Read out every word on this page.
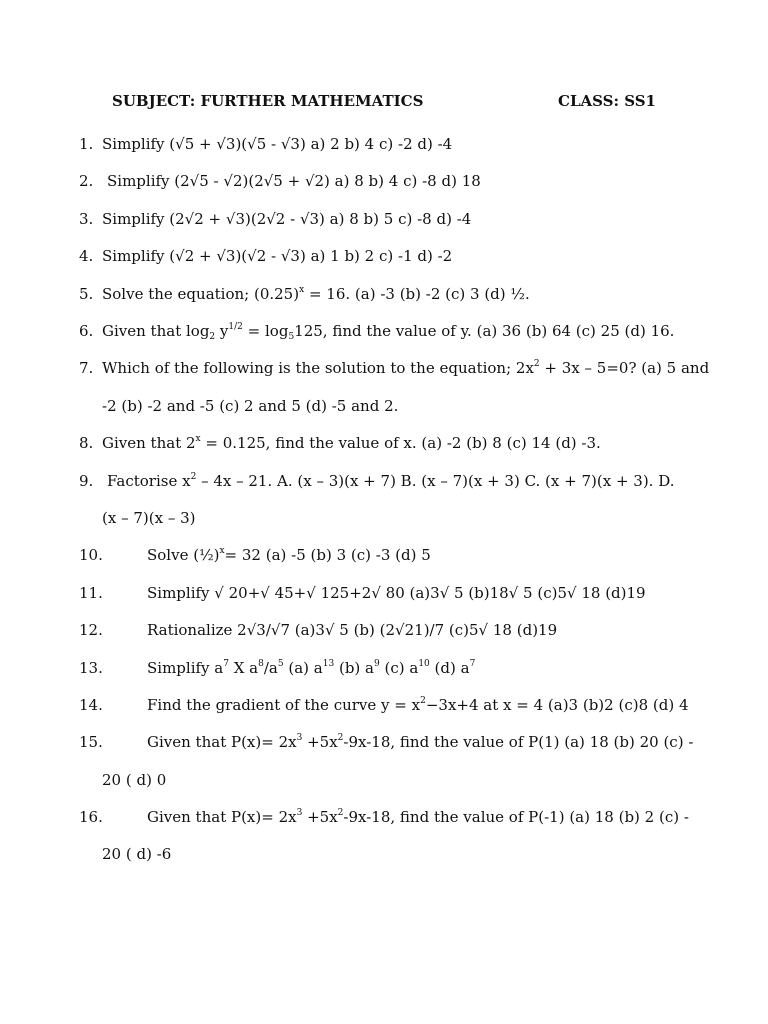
SUBJECT: FURTHER MATHEMATICS	CLASS: SS1
1. Simplify (√5 + √3)(√5 - √3) a) 2 b) 4 c) -2 d) -4
2. Simplify (2√5 - √2)(2√5 + √2) a) 8 b) 4 c) -8 d) 18
3. Simplify (2√2 + √3)(2√2 - √3) a) 8 b) 5 c) -8 d) -4
4. Simplify (√2 + √3)(√2 - √3) a) 1 b) 2 c) -1 d) -2
5. Solve the equation; $(0.25)^x = 16$. (a) -3 (b) -2 (c) 3 (d) ½.
6. Given that $\log_2 y^{1/2} = \log_5125$, find the value of y. (a) 36 (b) 64 (c) 25 (d) 16.
7. Which of the following is the solution to the equation; $2x^2 + 3x - 5=0$? (a) 5 and
-2 (b) -2 and -5 (c) 2 and 5 (d) -5 and 2.
8. Given that $2^x = 0.125$, find the value of x. (a) -2 (b) 8 (c) 14 (d) -3.
9. Factorise $x^2 - 4x - 21$. A. (x – 3)(x + 7) B. (x – 7)(x + 3) C. (x + 7)(x + 3). D.
(x – 7)(x – 3)
10.	Solve (½)$^x$= 32 (a) -5 (b) 3 (c) -3 (d) 5
11.	Simplify √ 20+√ 45+√ 125+2√ 80 (a)3√ 5 (b)18√ 5 (c)5√ 18 (d)19
12.	Rationalize 2√3/√7 (a)3√ 5 (b) (2√21)/7 (c)5√ 18 (d)19
13.	Simplify $a^7$ X $a^8/a^5$ (a) $a^{13}$ (b) $a^9$ (c) $a^{10}$ (d) $a^7$
14.	Find the gradient of the curve $y = x^2-3x+4$ at x = 4 (a)3 (b)2 (c)8 (d) 4
15.	Given that $P(x)= 2x^3 +5x^2-9x-18$, find the value of P(1) (a) 18 (b) 20 (c) -
20 ( d) 0
16.	Given that $P(x)= 2x^3 +5x^2-9x-18$, find the value of P(-1) (a) 18 (b) 2 (c) -
20 ( d) -6
